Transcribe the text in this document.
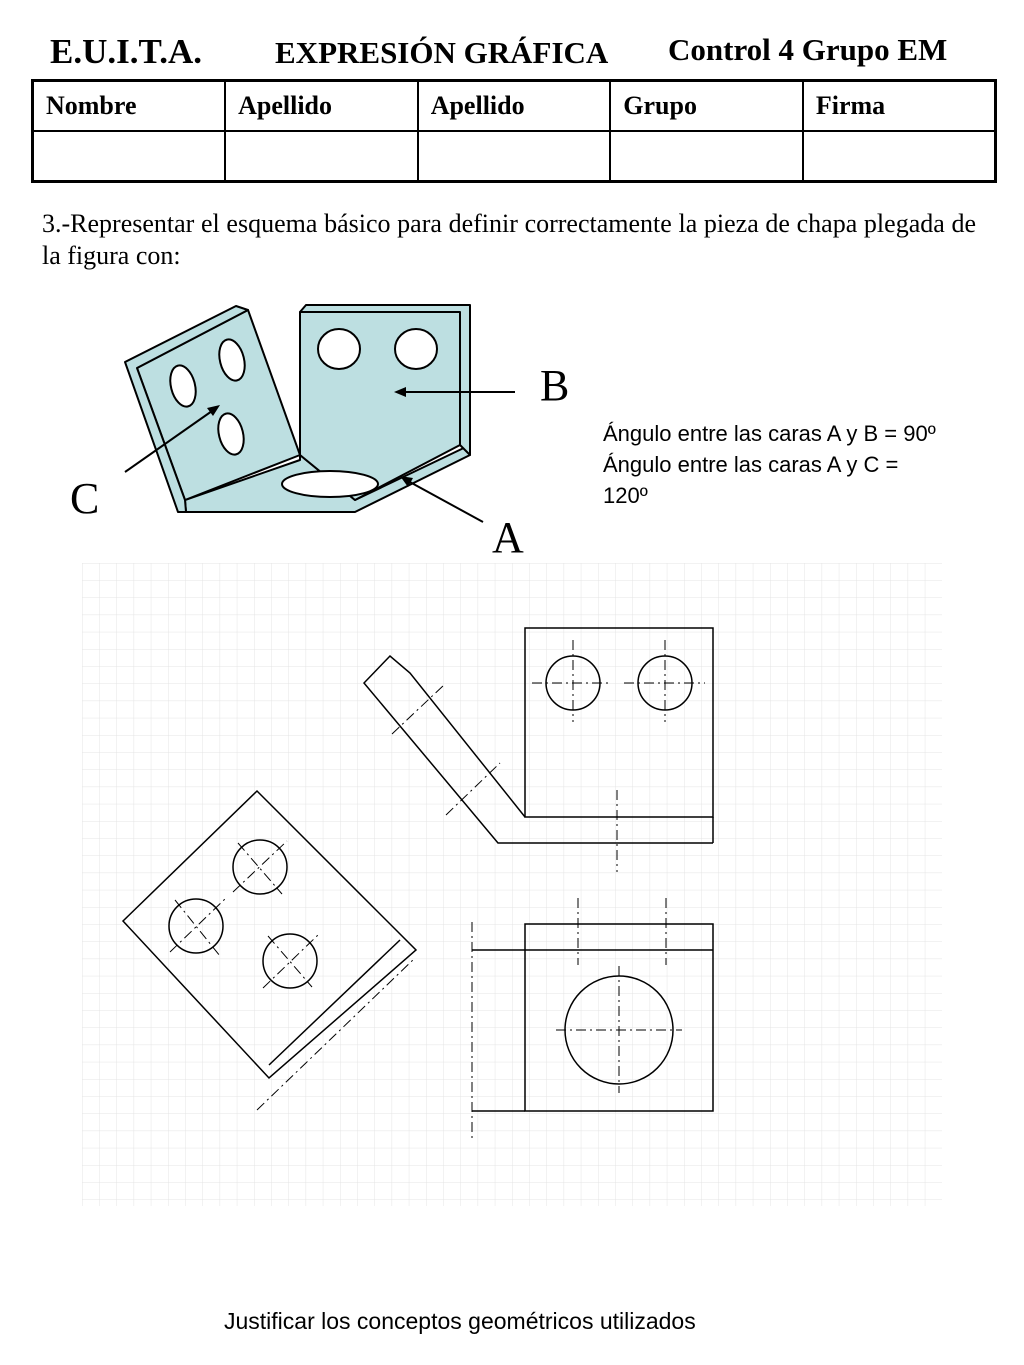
E.U.I.T.A. EXPRESIÓN GRÁFICA Control 4 Grupo EM
Nombre	Apellido	Apellido	Grupo	Firma

3.-Representar el esquema básico para definir correctamente la pieza de chapa plegada de la figura con:
B
C
A
Ángulo entre las caras A y B = 90º
Ángulo entre las caras A y C =
120º
Justificar los conceptos geométricos utilizados
